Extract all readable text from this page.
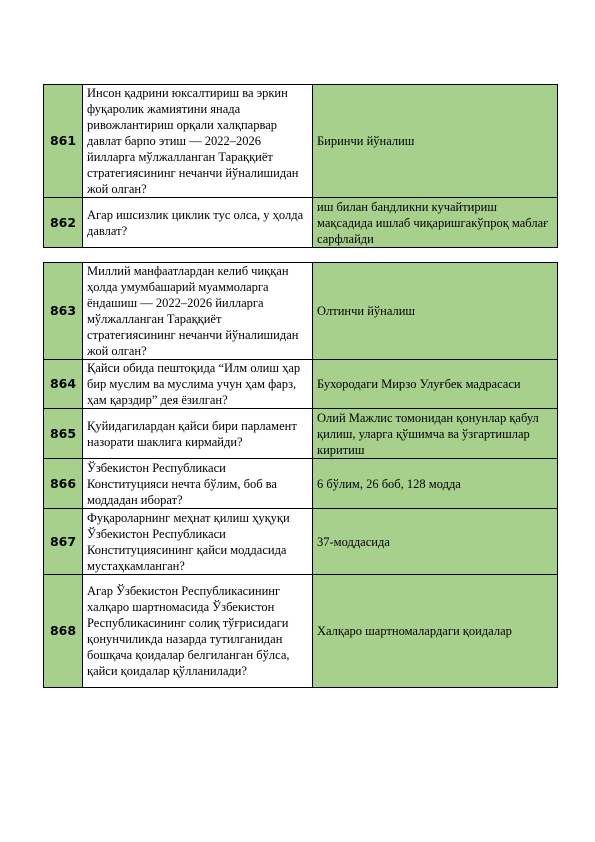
861	Инсон қадрини юксалтириш ва эркин фуқаролик жамиятини янада ривожлантириш орқали халқпарвар давлат барпо этиш — 2022–2026 йилларга мўлжалланган Тараққиёт стратегиясининг нечанчи йўналишидан жой олган?	Биринчи йўналиш
862	Агар ишсизлик циклик тус олса, у ҳолда давлат?	иш билан бандликни кучайтириш мақсадида ишлаб чиқаришгакўпроқ маблағ сарфлайди
863	Миллий манфаатлардан келиб чиққан ҳолда умумбашарий муаммоларга ёндашиш — 2022–2026 йилларга мўлжалланган Тараққиёт стратегиясининг нечанчи йўналишидан жой олган?	Олтинчи йўналиш
864	Қайси обида пештоқида “Илм олиш ҳар бир муслим ва муслима учун ҳам фарз, ҳам қарздир” дея ёзилган?	Бухородаги Мирзо Улуғбек мадрасаси
865	Қуйидагилардан қайси бири парламент назорати шаклига кирмайди?	Олий Мажлис томонидан қонунлар қабул қилиш, уларга қўшимча ва ўзгартишлар киритиш
866	Ўзбекистон Республикаси Конституцияси нечта бўлим, боб ва моддадан иборат?	6 бўлим, 26 боб, 128 модда
867	Фуқароларнинг меҳнат қилиш ҳуқуқи Ўзбекистон Республикаси Конституциясининг қайси моддасида мустаҳкамланган?	37-моддасида
868	Агар Ўзбекистон Республикасининг халқаро шартномасида Ўзбекистон Республикасининг солиқ тўғрисидаги қонунчиликда назарда тутилганидан бошқача қоидалар белгиланган бўлса, қайси қоидалар қўлланилади?	Халқаро шартномалардаги қоидалар
